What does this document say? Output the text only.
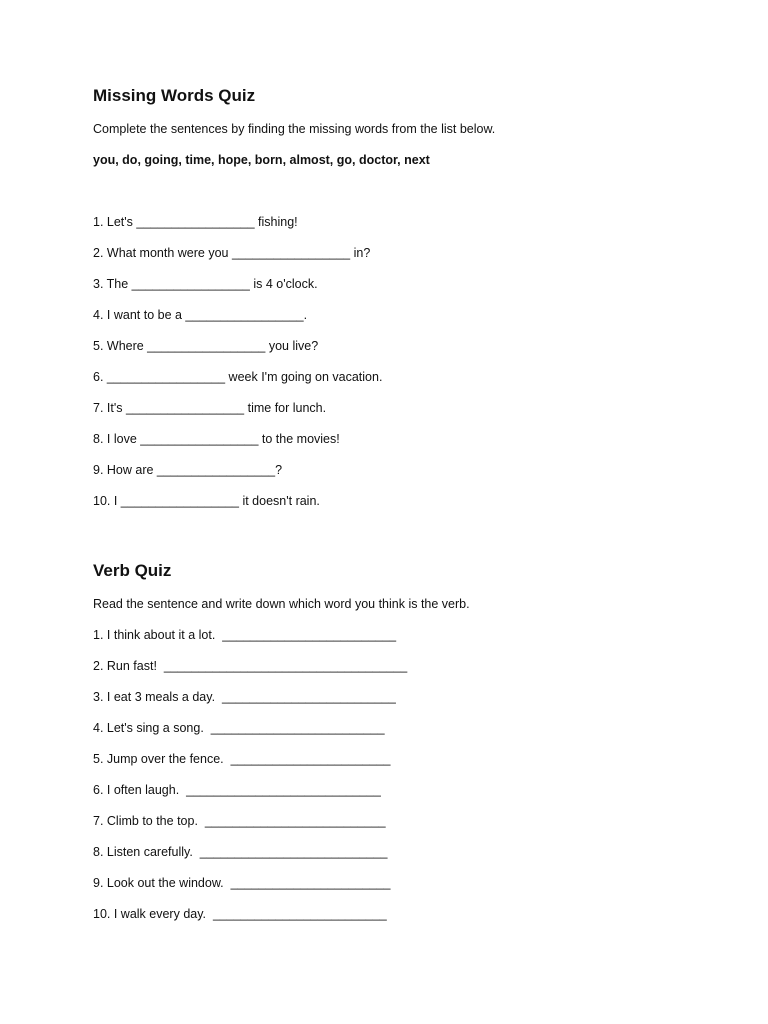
Missing Words Quiz

Complete the sentences by finding the missing words from the list below.

you, do, going, time, hope, born, almost, go, doctor, next

1. Let's _________________ fishing!

2. What month were you _________________ in?

3. The _________________ is 4 o'clock.

4. I want to be a _________________.

5. Where _________________ you live?

6. _________________ week I'm going on vacation.

7. It's _________________ time for lunch.

8. I love _________________ to the movies!

9. How are _________________?

10. I _________________ it doesn't rain.

Verb Quiz

Read the sentence and write down which word you think is the verb.

1. I think about it a lot.  _________________________

2. Run fast!  ___________________________________

3. I eat 3 meals a day.  _________________________

4. Let's sing a song.  _________________________

5. Jump over the fence.  _______________________

6. I often laugh.  ____________________________

7. Climb to the top.  __________________________

8. Listen carefully.  ___________________________

9. Look out the window.  _______________________

10. I walk every day.  _________________________
